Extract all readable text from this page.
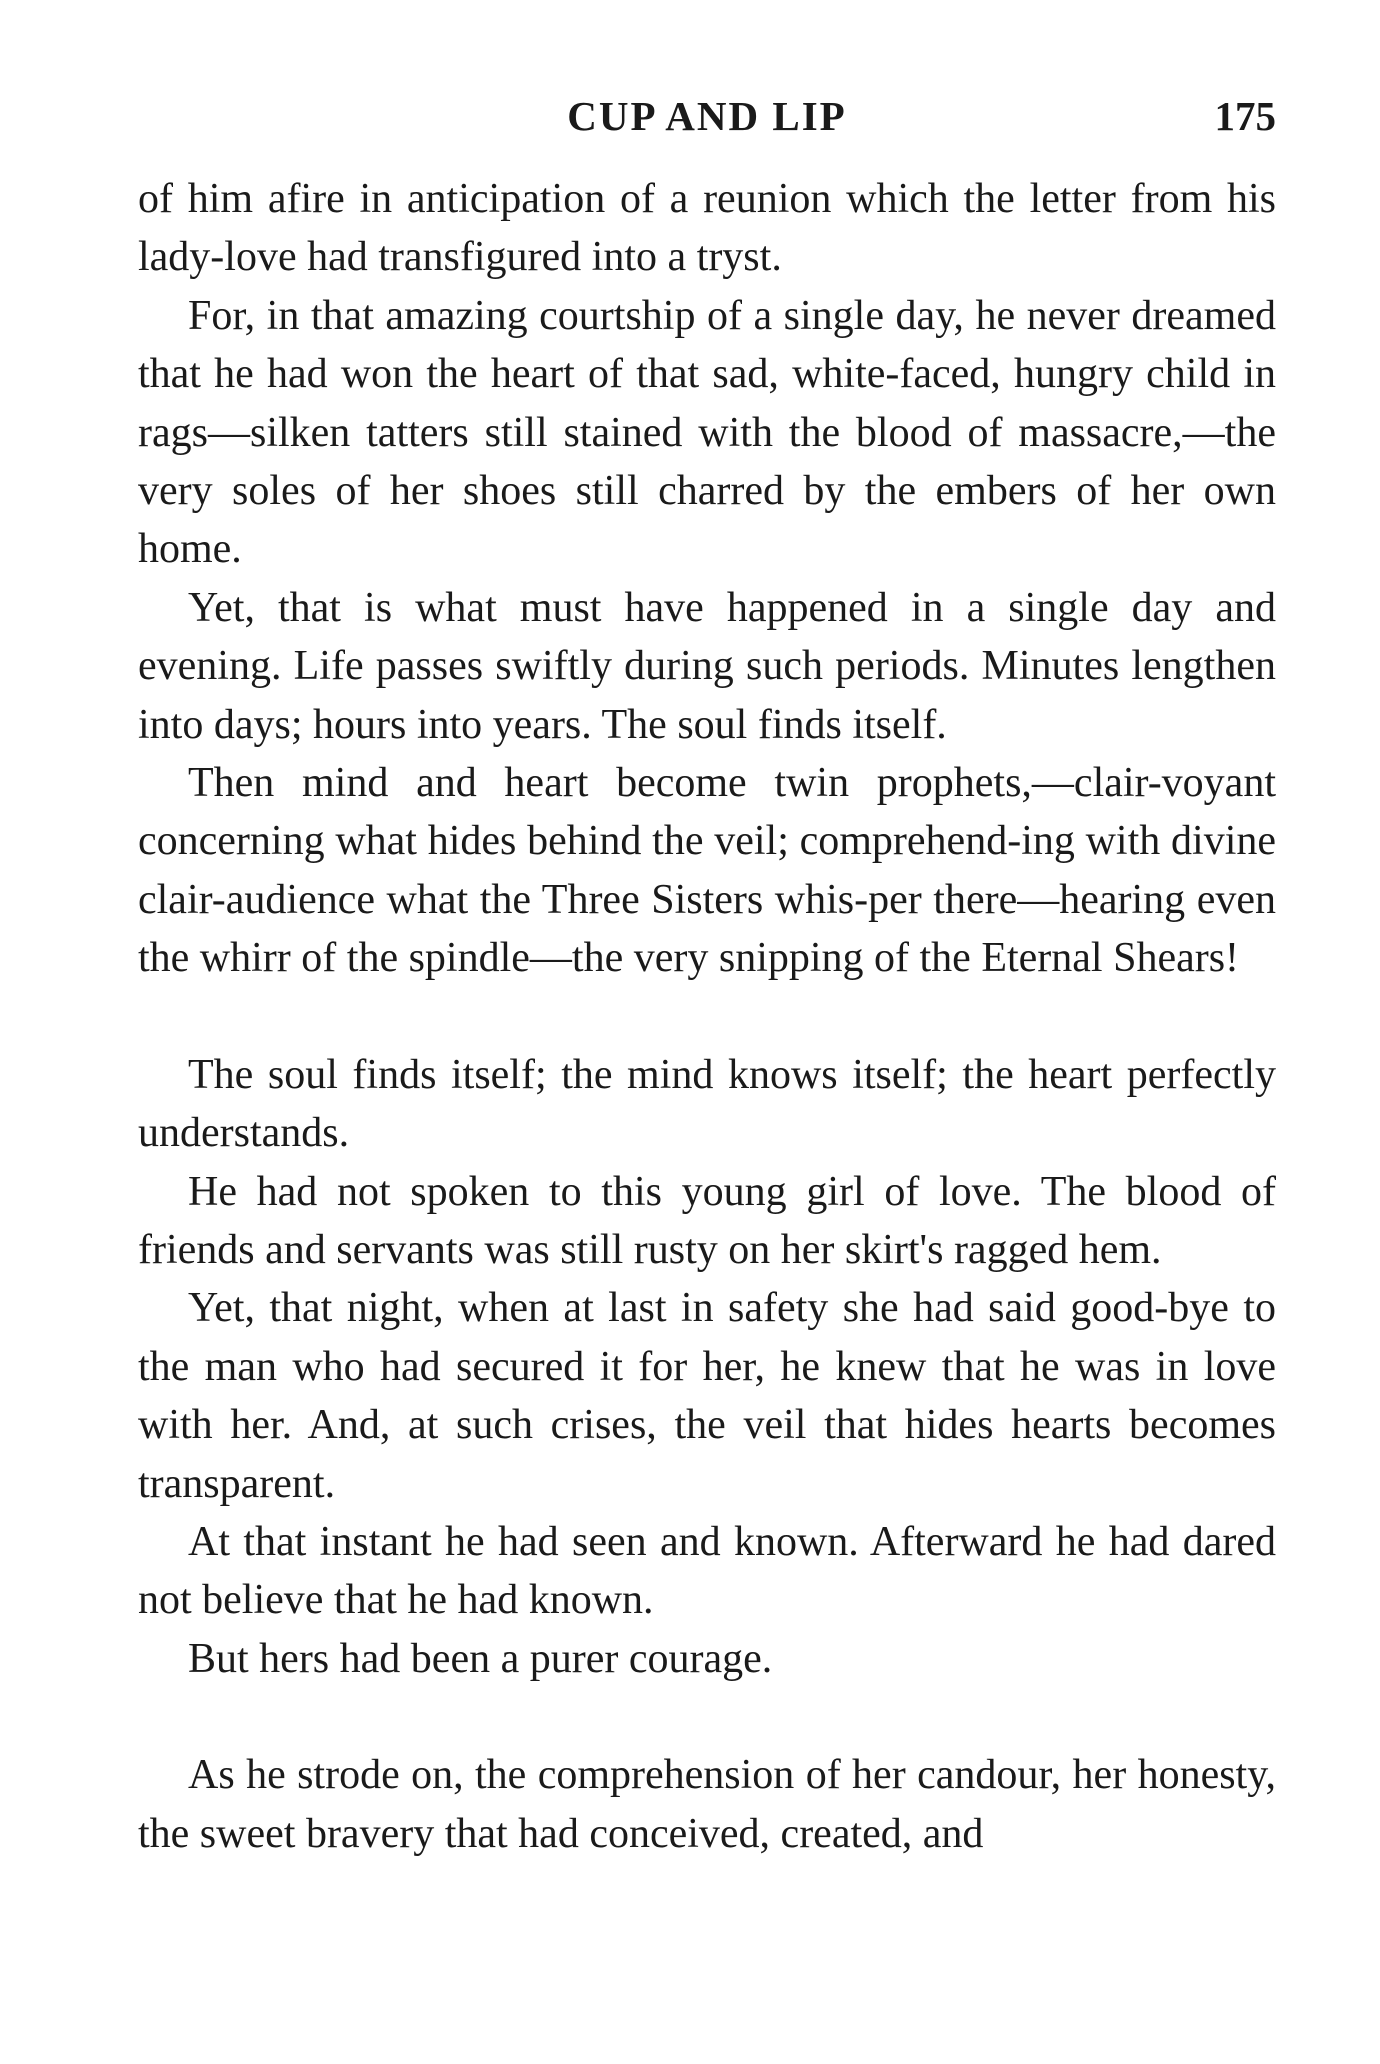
CUP AND LIP	175

of him afire in anticipation of a reunion which the letter from his lady-love had transfigured into a tryst.

For, in that amazing courtship of a single day, he never dreamed that he had won the heart of that sad, white-faced, hungry child in rags—silken tatters still stained with the blood of massacre,—the very soles of her shoes still charred by the embers of her own home.

Yet, that is what must have happened in a single day and evening. Life passes swiftly during such periods. Minutes lengthen into days; hours into years. The soul finds itself.

Then mind and heart become twin prophets,—clair-voyant concerning what hides behind the veil; comprehend-ing with divine clair-audience what the Three Sisters whis-per there—hearing even the whirr of the spindle—the very snipping of the Eternal Shears!

The soul finds itself; the mind knows itself; the heart perfectly understands.

He had not spoken to this young girl of love. The blood of friends and servants was still rusty on her skirt's ragged hem.

Yet, that night, when at last in safety she had said good-bye to the man who had secured it for her, he knew that he was in love with her. And, at such crises, the veil that hides hearts becomes transparent.

At that instant he had seen and known. Afterward he had dared not believe that he had known.

But hers had been a purer courage.

As he strode on, the comprehension of her candour, her honesty, the sweet bravery that had conceived, created, and
